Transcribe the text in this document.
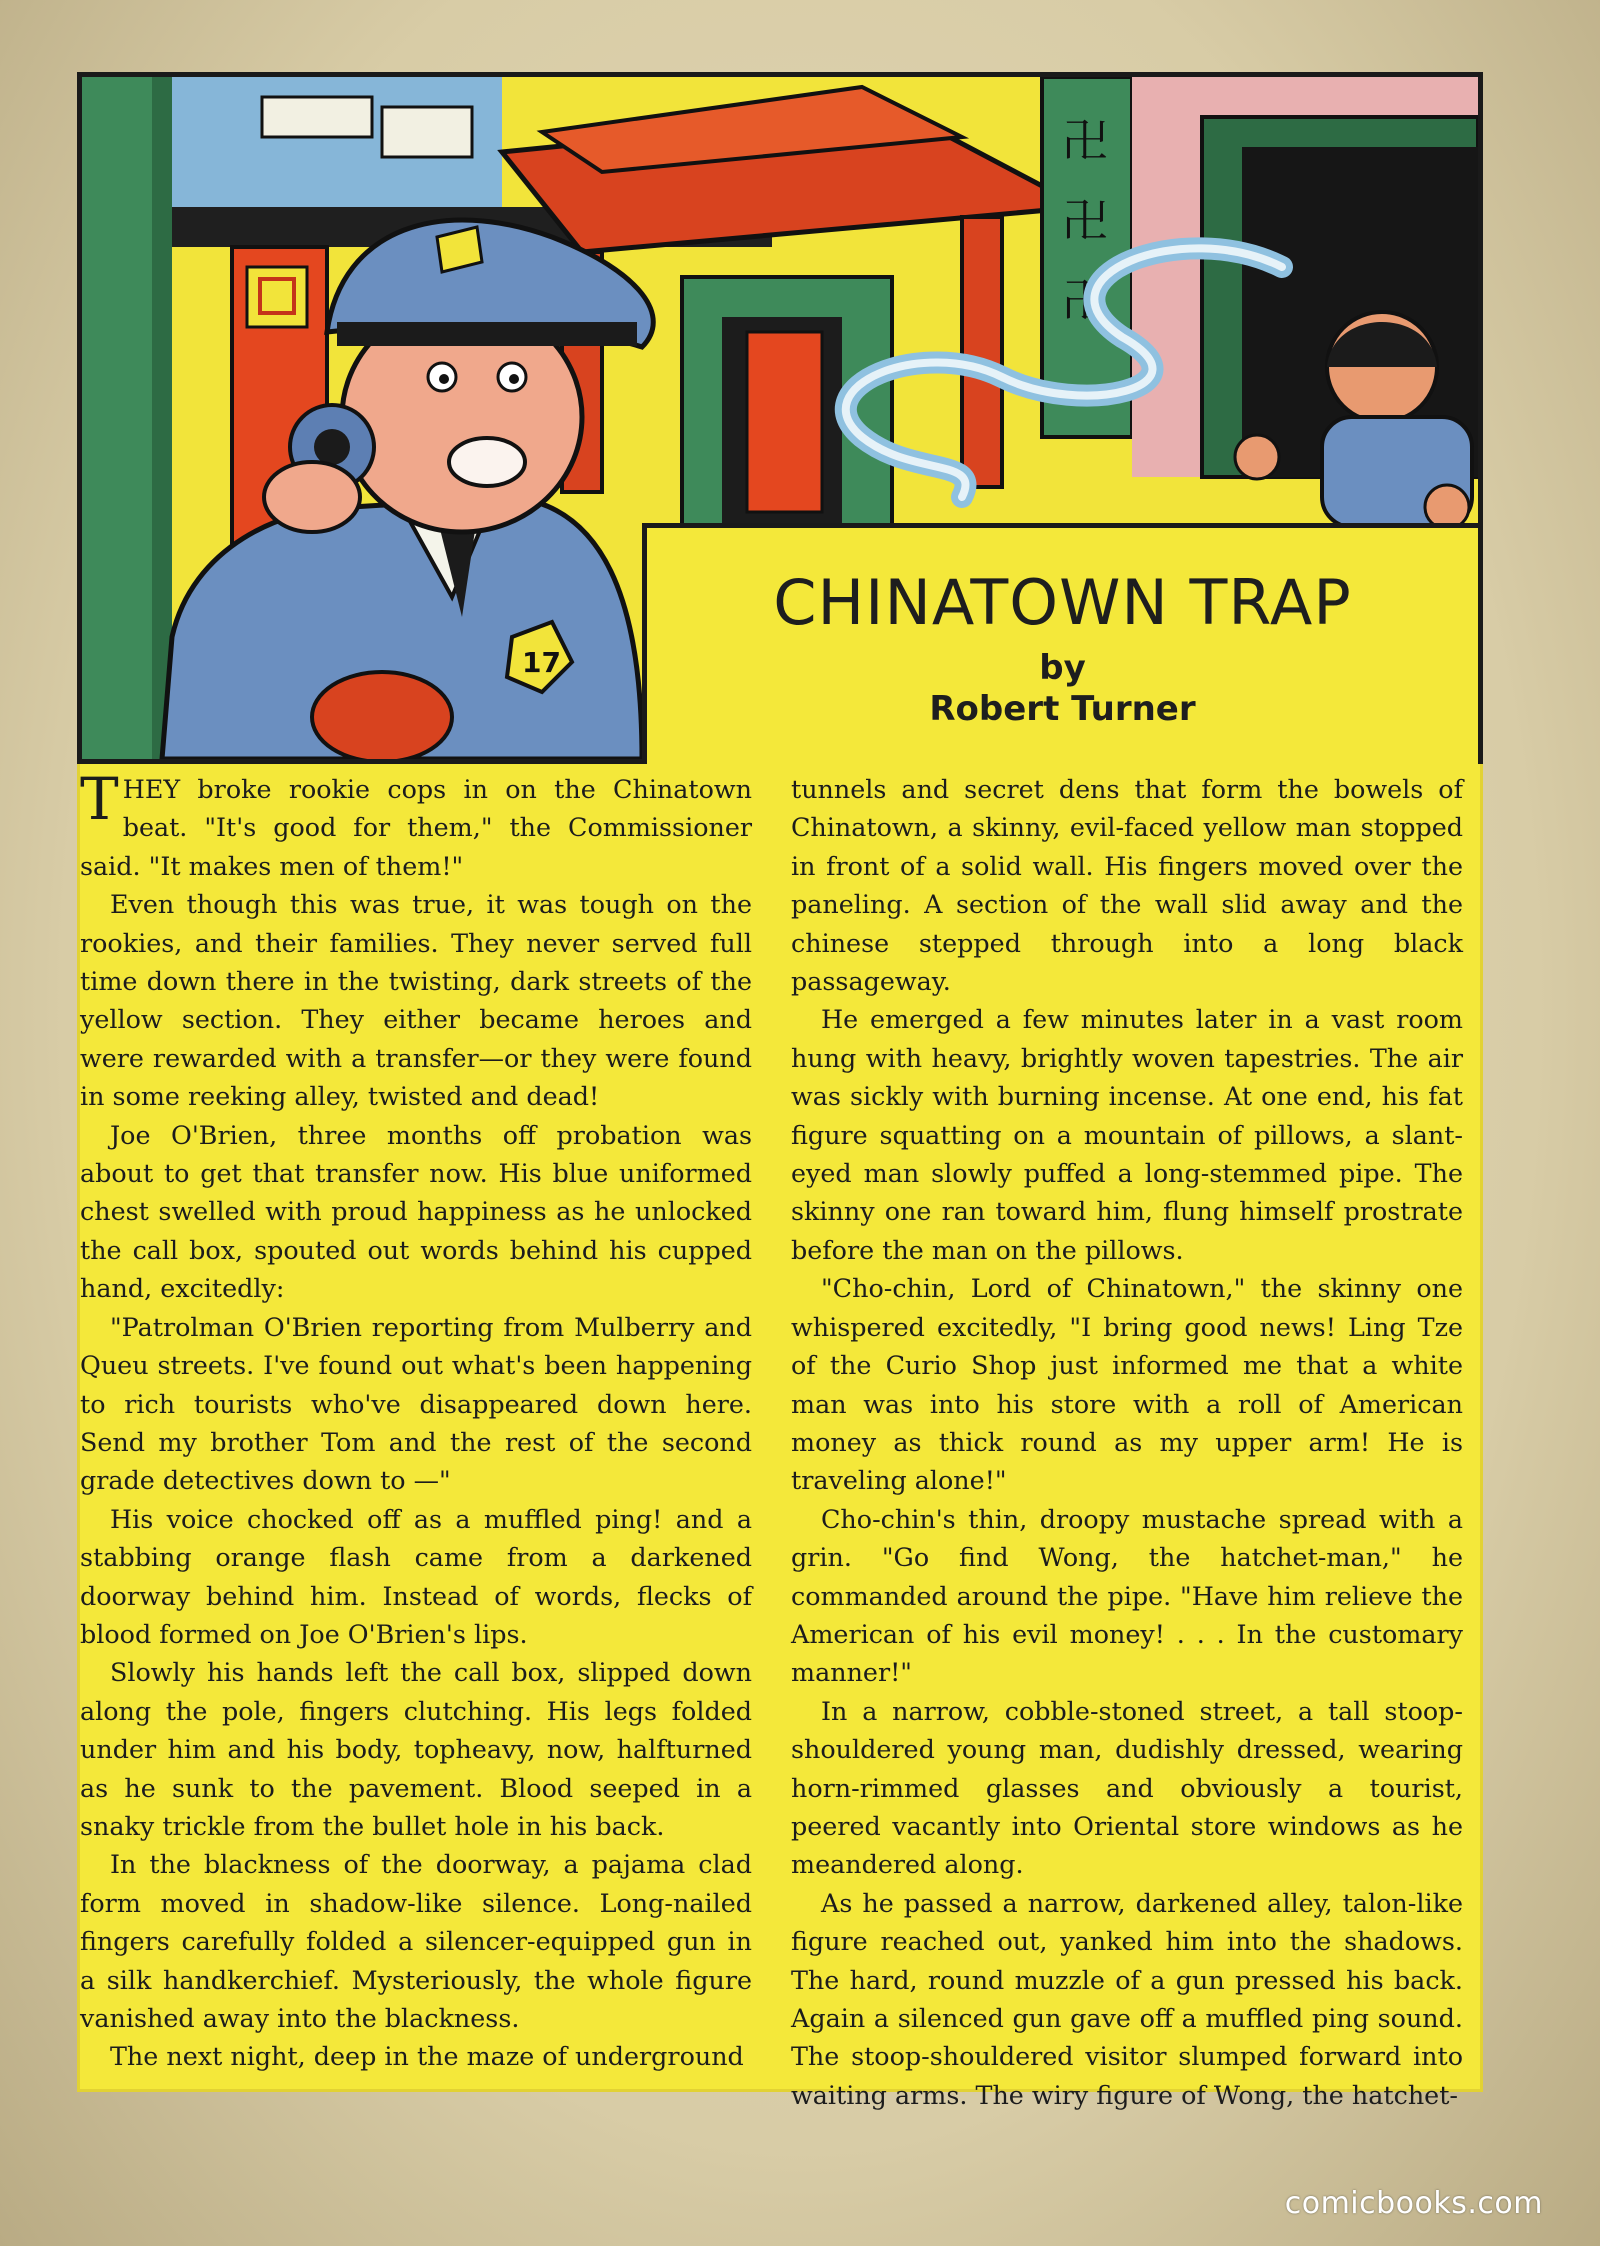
卍
卍
卍
17
CHINATOWN TRAP
by
Robert Turner

THEY broke rookie cops in on the Chinatown beat. "It's good for them," the Commissioner said. "It makes men of them!"

Even though this was true, it was tough on the rookies, and their families. They never served full time down there in the twisting, dark streets of the yellow section. They either became heroes and were rewarded with a transfer—or they were found in some reeking alley, twisted and dead!

Joe O'Brien, three months off probation was about to get that transfer now. His blue uniformed chest swelled with proud happiness as he unlocked the call box, spouted out words behind his cupped hand, excitedly:

"Patrolman O'Brien reporting from Mulberry and Queu streets. I've found out what's been happening to rich tourists who've disappeared down here. Send my brother Tom and the rest of the second grade detectives down to —"

His voice chocked off as a muffled ping! and a stabbing orange flash came from a darkened doorway behind him. Instead of words, flecks of blood formed on Joe O'Brien's lips.

Slowly his hands left the call box, slipped down along the pole, fingers clutching. His legs folded under him and his body, topheavy, now, halfturned as he sunk to the pavement. Blood seeped in a snaky trickle from the bullet hole in his back.

In the blackness of the doorway, a pajama clad form moved in shadow-like silence. Long-nailed fingers carefully folded a silencer-equipped gun in a silk handkerchief. Mysteriously, the whole figure vanished away into the blackness.

The next night, deep in the maze of underground

tunnels and secret dens that form the bowels of Chinatown, a skinny, evil-faced yellow man stopped in front of a solid wall. His fingers moved over the paneling. A section of the wall slid away and the chinese stepped through into a long black passageway.

He emerged a few minutes later in a vast room hung with heavy, brightly woven tapestries. The air was sickly with burning incense. At one end, his fat figure squatting on a mountain of pillows, a slant-eyed man slowly puffed a long-stemmed pipe. The skinny one ran toward him, flung himself prostrate before the man on the pillows.

"Cho-chin, Lord of Chinatown," the skinny one whispered excitedly, "I bring good news! Ling Tze of the Curio Shop just informed me that a white man was into his store with a roll of American money as thick round as my upper arm! He is traveling alone!"

Cho-chin's thin, droopy mustache spread with a grin. "Go find Wong, the hatchet-man," he commanded around the pipe. "Have him relieve the American of his evil money! . . . In the customary manner!"

In a narrow, cobble-stoned street, a tall stoop-shouldered young man, dudishly dressed, wearing horn-rimmed glasses and obviously a tourist, peered vacantly into Oriental store windows as he meandered along.

As he passed a narrow, darkened alley, talon-like figure reached out, yanked him into the shadows. The hard, round muzzle of a gun pressed his back. Again a silenced gun gave off a muffled ping sound. The stoop-shouldered visitor slumped forward into waiting arms. The wiry figure of Wong, the hatchet-

comicbooks.com
